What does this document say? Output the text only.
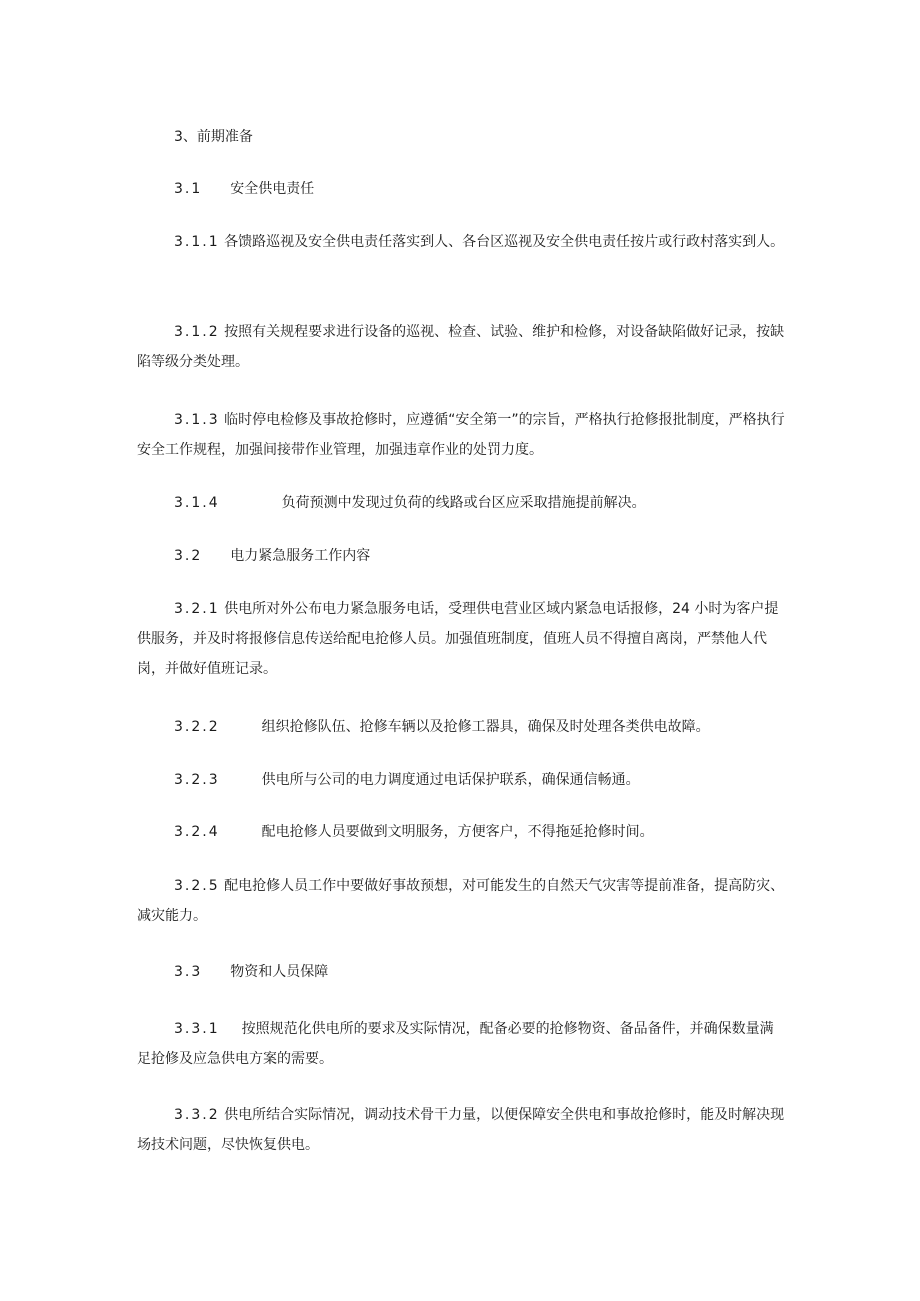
3、前期准备

3.1 安全供电责任

3.1.1 各馈路巡视及安全供电责任落实到人、各台区巡视及安全供电责任按片或行政村落实到人。

3.1.2 按照有关规程要求进行设备的巡视、检查、试验、维护和检修，对设备缺陷做好记录，按缺陷等级分类处理。

3.1.3 临时停电检修及事故抢修时，应遵循“安全第一”的宗旨，严格执行抢修报批制度，严格执行安全工作规程，加强间接带作业管理，加强违章作业的处罚力度。

3.1.4	负荷预测中发现过负荷的线路或台区应采取措施提前解决。

3.2 电力紧急服务工作内容

3.2.1 供电所对外公布电力紧急服务电话，受理供电营业区域内紧急电话报修，24 小时为客户提供服务，并及时将报修信息传送给配电抢修人员。加强值班制度，值班人员不得擅自离岗，严禁他人代岗，并做好值班记录。

3.2.2	组织抢修队伍、抢修车辆以及抢修工器具，确保及时处理各类供电故障。

3.2.3	供电所与公司的电力调度通过电话保护联系，确保通信畅通。

3.2.4	配电抢修人员要做到文明服务，方便客户，不得拖延抢修时间。

3.2.5 配电抢修人员工作中要做好事故预想，对可能发生的自然天气灾害等提前准备，提高防灾、减灾能力。

3.3 物资和人员保障

3.3.1 按照规范化供电所的要求及实际情况，配备必要的抢修物资、备品备件，并确保数量满足抢修及应急供电方案的需要。

3.3.2 供电所结合实际情况，调动技术骨干力量，以便保障安全供电和事故抢修时，能及时解决现场技术问题，尽快恢复供电。
